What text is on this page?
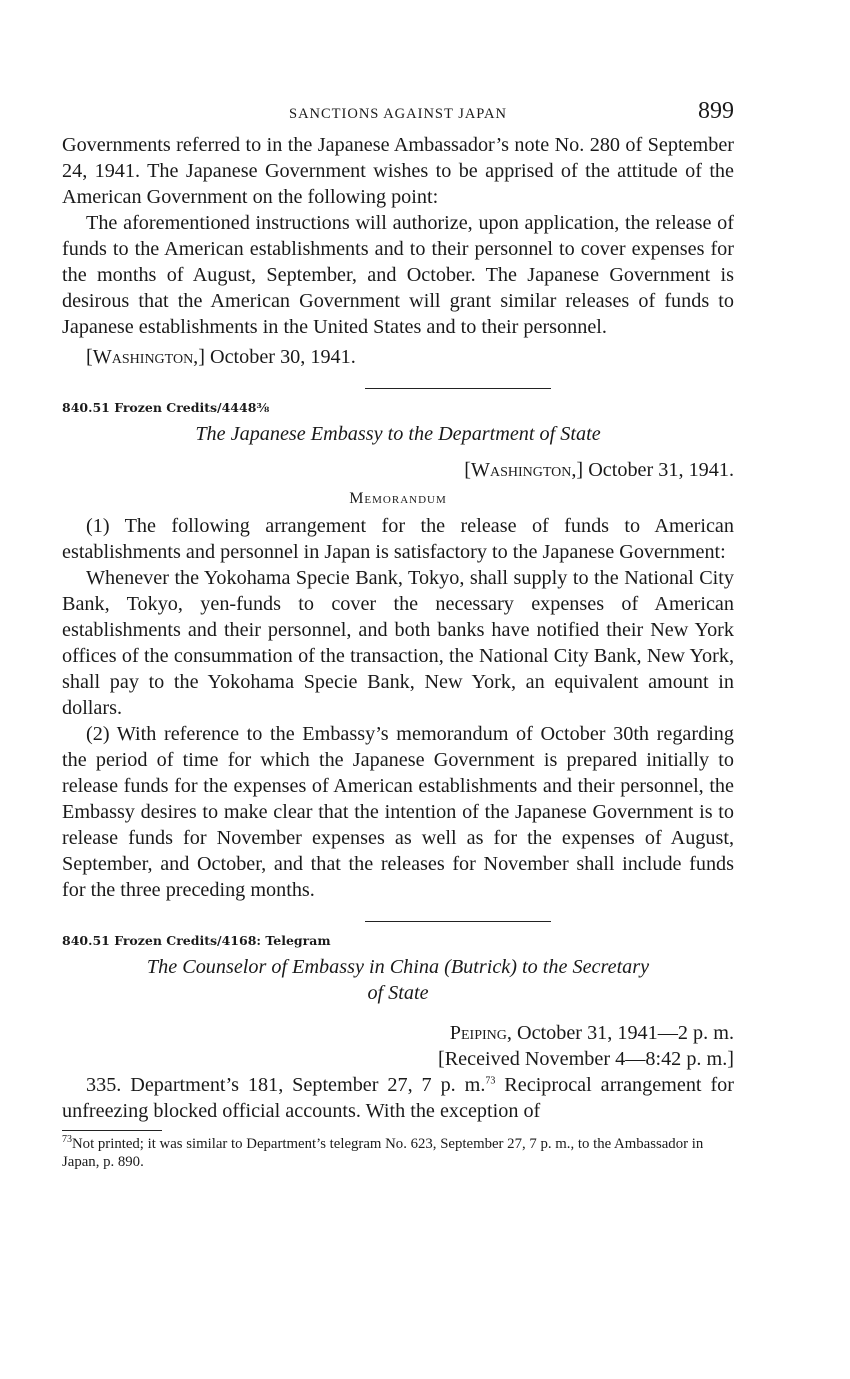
SANCTIONS AGAINST JAPAN	899

Governments referred to in the Japanese Ambassador’s note No. 280 of September 24, 1941. The Japanese Government wishes to be apprised of the attitude of the American Government on the following point:

The aforementioned instructions will authorize, upon application, the release of funds to the American establishments and to their personnel to cover expenses for the months of August, September, and October. The Japanese Government is desirous that the American Government will grant similar releases of funds to Japanese establishments in the United States and to their personnel.

[Washington,] October 30, 1941.

840.51 Frozen Credits/4448⅜
The Japanese Embassy to the Department of State
[Washington,] October 31, 1941.
Memorandum

(1) The following arrangement for the release of funds to American establishments and personnel in Japan is satisfactory to the Japanese Government:

Whenever the Yokohama Specie Bank, Tokyo, shall supply to the National City Bank, Tokyo, yen-funds to cover the necessary expenses of American establishments and their personnel, and both banks have notified their New York offices of the consummation of the transaction, the National City Bank, New York, shall pay to the Yokohama Specie Bank, New York, an equivalent amount in dollars.

(2) With reference to the Embassy’s memorandum of October 30th regarding the period of time for which the Japanese Government is prepared initially to release funds for the expenses of American establishments and their personnel, the Embassy desires to make clear that the intention of the Japanese Government is to release funds for November expenses as well as for the expenses of August, September, and October, and that the releases for November shall include funds for the three preceding months.

840.51 Frozen Credits/4168: Telegram
The Counselor of Embassy in China (Butrick) to the Secretary
of State
Peiping, October 31, 1941—2 p. m.
[Received November 4—8:42 p. m.]

335. Department’s 181, September 27, 7 p. m.$^{73}$ Reciprocal arrangement for unfreezing blocked official accounts. With the exception of

$^{73}$Not printed; it was similar to Department’s telegram No. 623, September 27, 7 p. m., to the Ambassador in Japan, p. 890.
